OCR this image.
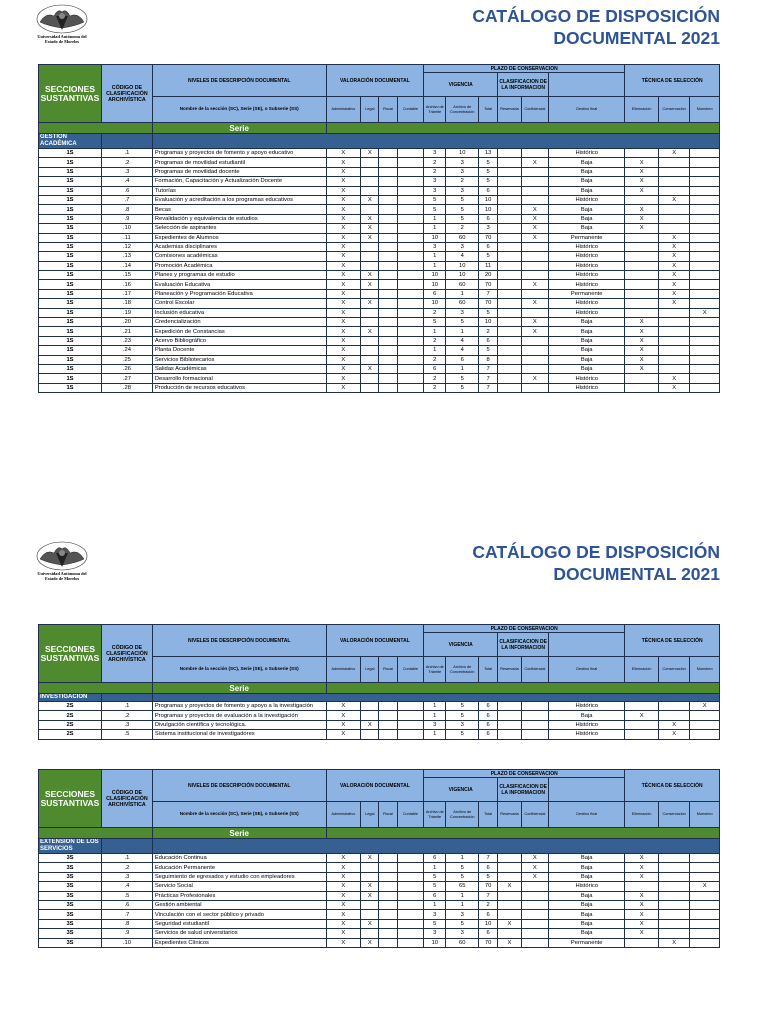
Universidad Autónoma del Estado de Morelos
CATÁLOGO DE DISPOSICIÓN
DOCUMENTAL 2021
SECCIONES SUSTANTIVAS	CÓDIGO DE CLASIFICACIÓN ARCHIVÍSTICA	NIVELES DE DESCRIPCIÓN DOCUMENTAL	VALORACIÓN DOCUMENTAL				PLAZO DE CONSERVACION						TÉCNICA DE SELECCIÓN		
							VIGENCIA			CLASIFICACION DE LA INFORMACION					
		Nombre de la sección (SC), Serie (SE), o Subserie (SS)	Administrativo	Legal	Fiscal	Contable	Archivo de Trámite	Archivo de Concentración	Total	Reservada	Confidencial	Destino final	Eliminación	Conservación	Muestreo
		Serie													
GESTION ACADÉMICA															
1S	.1	Programas y proyectos de fomento y apoyo educativo	X	X			3	10	13			Histórico		X	
1S	.2	Programas de movilidad estudiantil	X				2	3	5		X	Baja	X		
1S	.3	Programas de movilidad docente	X				2	3	5			Baja	X		
1S	.4	Formación, Capacitación y Actualización Docente	X				3	2	5			Baja	X		
1S	.6	Tutorías	X				3	3	6			Baja	X		
1S	.7	Evaluación y acreditación a los programas educativos	X	X			5	5	10			Histórico		X	
1S	.8	Becas	X				5	5	10		X	Baja	X		
1S	.9	Revalidación y equivalencia de estudios	X	X			1	5	6		X	Baja	X		
1S	.10	Selección de aspirantes	X	X			1	2	3		X	Baja	X		
1S	.11	Expedientes de Alumnos	X	X			10	60	70		X	Permanente		X	
1S	.12	Academias disciplinares	X				3	3	6			Histórico		X	
1S	.13	Comisiones académicas	X				1	4	5			Histórico		X	
1S	.14	Promoción Académica	X				1	10	11			Histórico		X	
1S	.15	Planes y programas de estudio	X	X			10	10	20			Histórico		X	
1S	.16	Evaluación Educativa	X	X			10	60	70		X	Histórico		X	
1S	.17	Planeación y Programación Educativa	X				6	1	7			Permanente		X	
1S	.18	Control Escolar	X	X			10	60	70		X	Histórico		X	
1S	.19	Inclusión educativa	X				2	3	5			Histórico			X
1S	.20	Credencialización	X				5	5	10		X	Baja	X		
1S	.21	Expedición de Constancias	X	X			1	1	2		X	Baja	X		
1S	.23	Acervo Bibliográfico	X				2	4	6			Baja	X		
1S	.24	Planta Docente	X				1	4	5			Baja	X		
1S	.25	Servicios Bibliotecarios	X				2	6	8			Baja	X		
1S	.26	Salidas Académicas	X	X			6	1	7			Baja	X		
1S	.27	Desarrollo formacional	X				2	5	7		X	Histórico		X	
1S	.28	Producción de recursos educativos	X				2	5	7			Histórico		X	
Universidad Autónoma del Estado de Morelos
CATÁLOGO DE DISPOSICIÓN
DOCUMENTAL 2021
SECCIONES SUSTANTIVAS	CÓDIGO DE CLASIFICACIÓN ARCHIVÍSTICA	NIVELES DE DESCRIPCIÓN DOCUMENTAL	VALORACIÓN DOCUMENTAL				PLAZO DE CONSERVACION						TÉCNICA DE SELECCIÓN		
							VIGENCIA			CLASIFICACION DE LA INFORMACION					
		Nombre de la sección (SC), Serie (SE), o Subserie (SS)	Administrativo	Legal	Fiscal	Contable	Archivo de Trámite	Archivo de Concentración	Total	Reservada	Confidencial	Destino final	Eliminación	Conservación	Muestreo
		Serie													
INVESTIGACIÓN															
2S	.1	Programas y proyectos de fomento y apoyo a la investigación	X				1	5	6			Histórico			X
2S	.2	Programas y proyectos de evaluación a la investigación	X				1	5	6			Baja	X		
2S	.3	Divulgación científica y tecnológica.	X	X			3	3	6			Histórico		X	
2S	.5	Sistema institucional de investigadores	X				1	5	6			Histórico		X	
SECCIONES SUSTANTIVAS	CÓDIGO DE CLASIFICACIÓN ARCHIVÍSTICA	NIVELES DE DESCRIPCIÓN DOCUMENTAL	VALORACIÓN DOCUMENTAL				PLAZO DE CONSERVACION						TÉCNICA DE SELECCIÓN		
							VIGENCIA			CLASIFICACION DE LA INFORMACION					
		Nombre de la sección (SC), Serie (SE), o Subserie (SS)	Administrativo	Legal	Fiscal	Contable	Archivo de Trámite	Archivo de Concentración	Total	Reservada	Confidencial	Destino final	Eliminación	Conservación	Muestreo
		Serie													
EXTENSION DE LOS SERVICIOS															
3S	.1	Educación Continua	X	X			6	1	7		X	Baja	X		
3S	.2	Educación Permanente	X				1	5	6		X	Baja	X		
3S	.3	Seguimiento de egresados y estudio con empleadores	X				5	5	5		X	Baja	X		
3S	.4	Servicio Social	X	X			5	65	70	X		Histórico			X
3S	.5	Prácticas Profesionales	X	X			6	1	7			Baja	X		
3S	.6	Gestión ambiental	X				1	1	2			Baja	X		
3S	.7	Vinculación con el sector público y privado	X				3	3	6			Baja	X		
3S	.8	Seguridad estudiantil	X	X			5	5	10	X		Baja	X		
3S	.9	Servicios de salud universitarios	X				3	3	6			Baja	X		
3S	.10	Expedientes Clínicos	X	X			10	60	70	X		Permanente		X	
